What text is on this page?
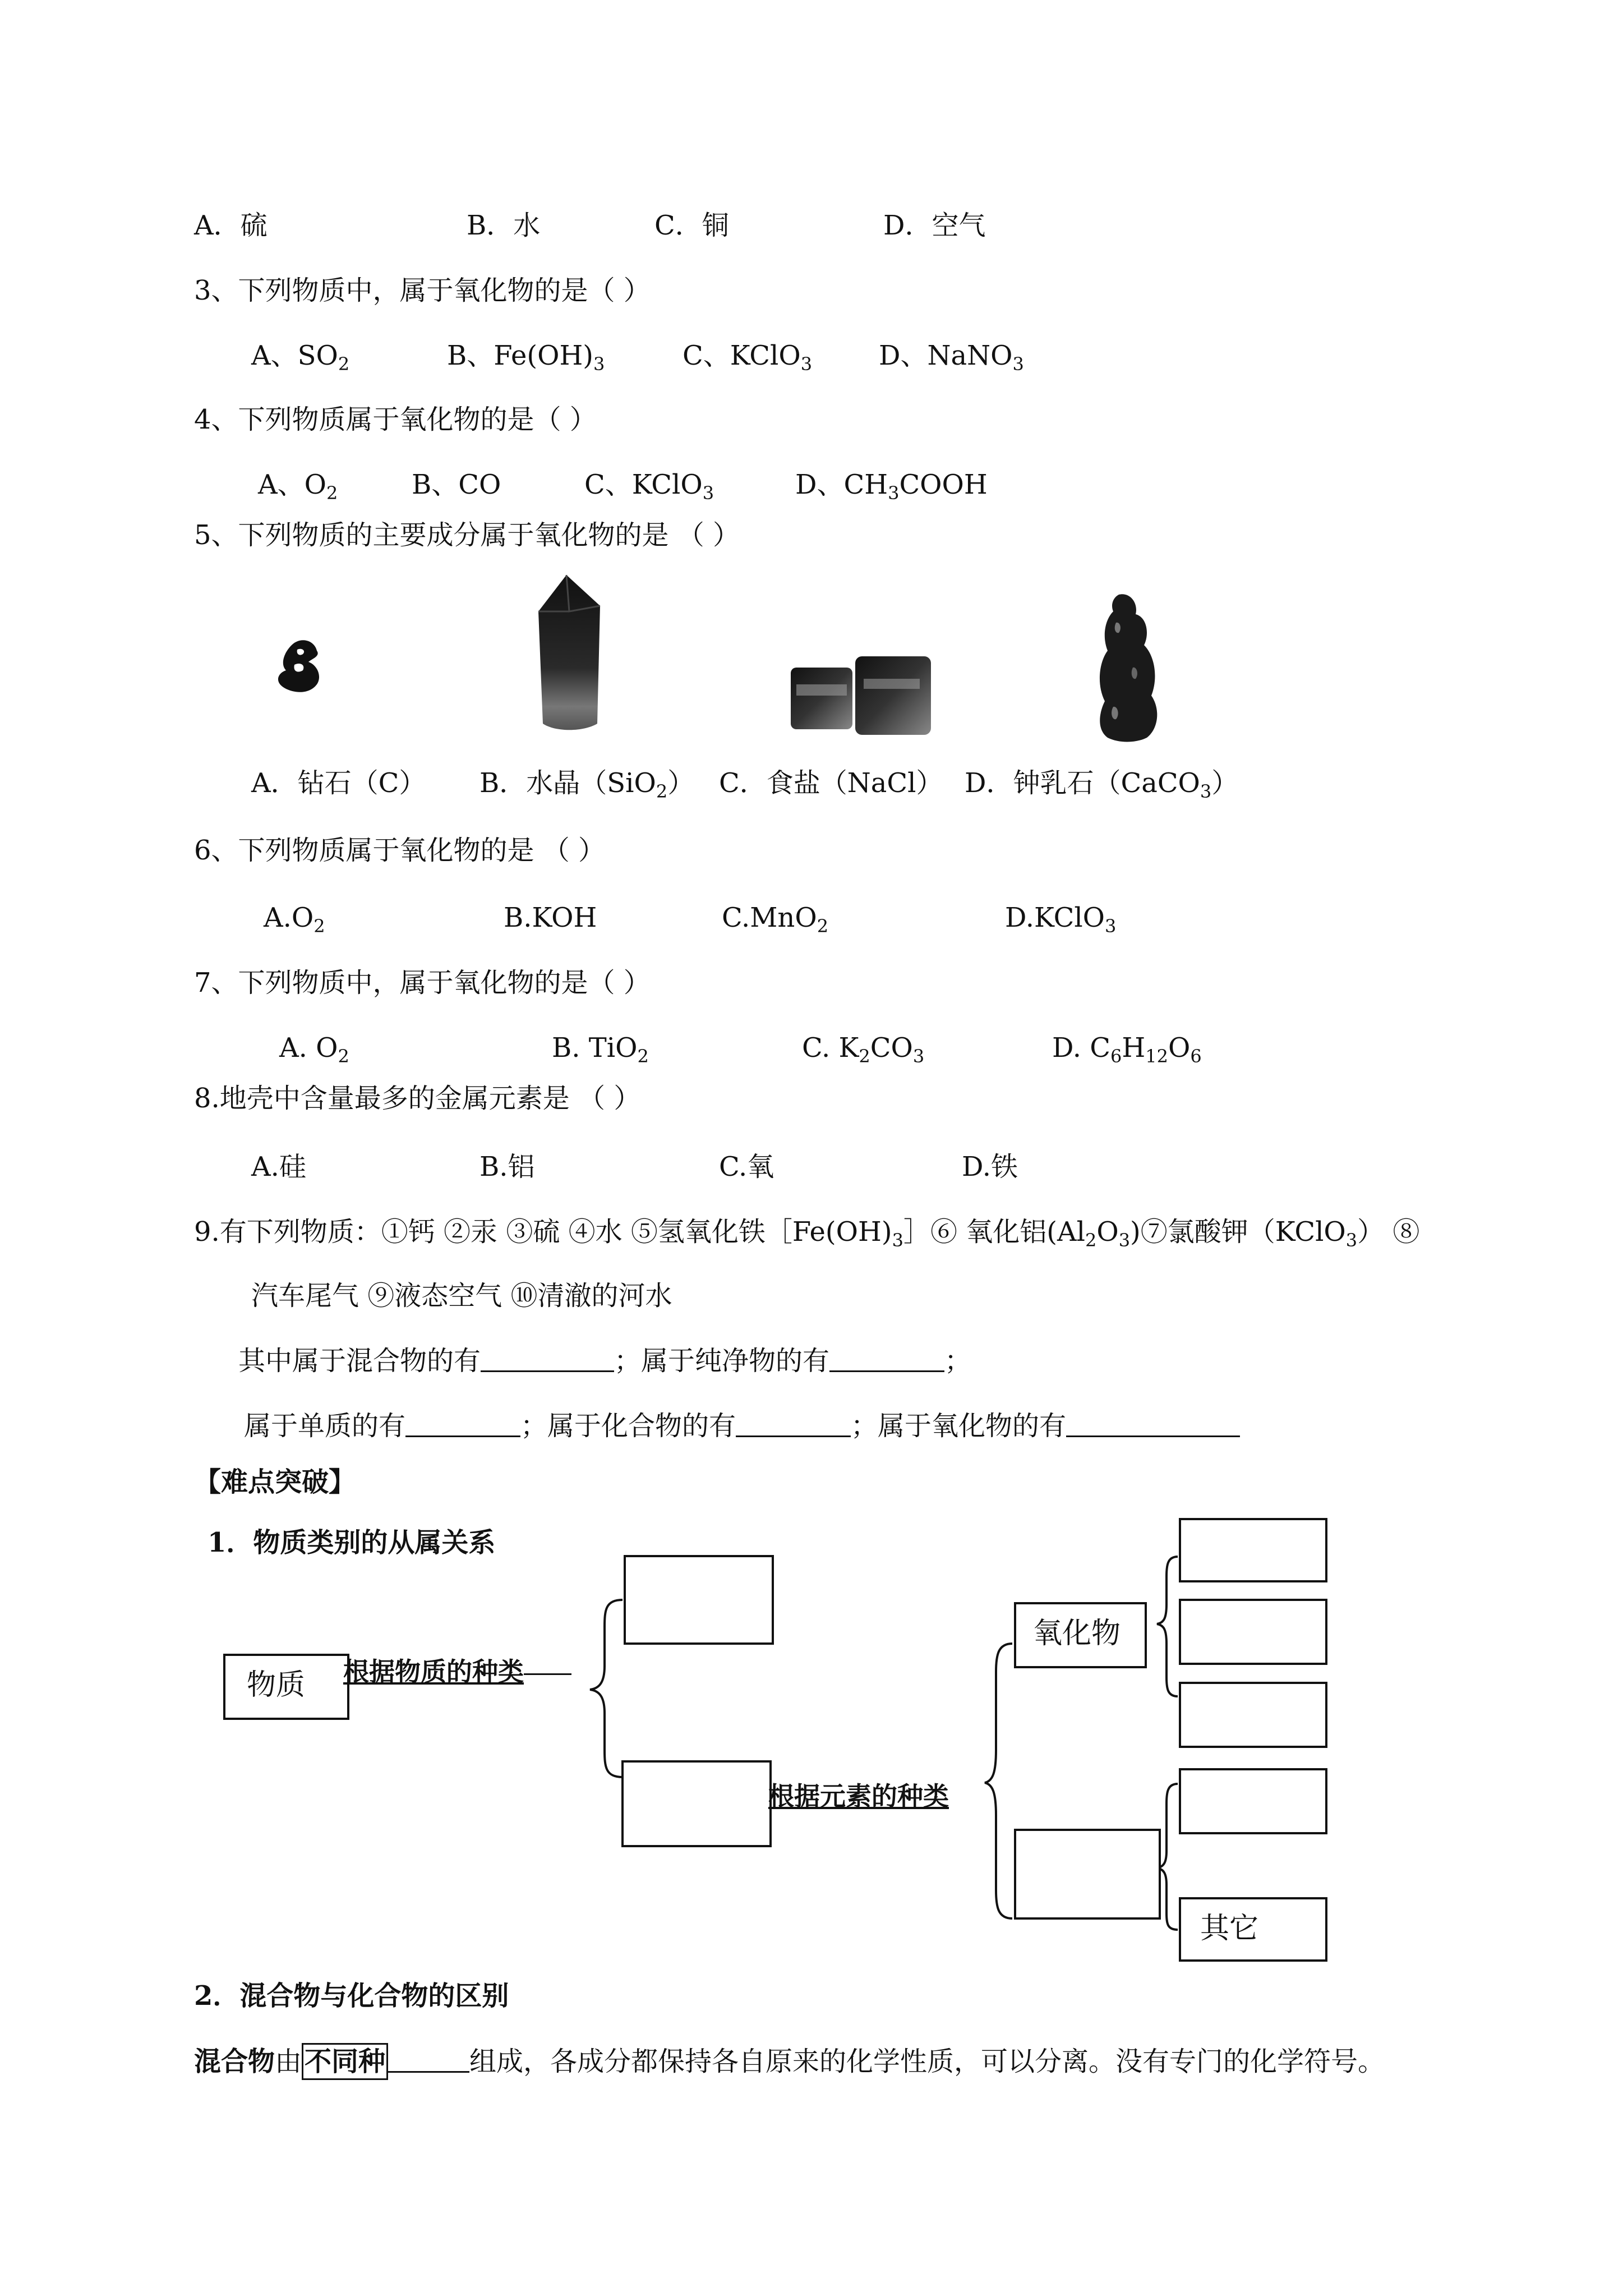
A．硫	B．水	C．铜	D．空气
3、下列物质中，属于氧化物的是（ ）
A、$SO_2$	B、$Fe(OH)_3$	C、KClO$_3$ D、NaNO$_3$
4、下列物质属于氧化物的是（ ）
A、$O_2$	B、CO	C、KClO$_3$	D、$CH_3COOH$
5、下列物质的主要成分属于氧化物的是 （ ）
A．钻石（C） B．水晶（SiO$_2$） C．食盐（NaCl） D．钟乳石（CaCO$_3$）
6、下列物质属于氧化物的是 （ ）
$A.O_2$	B.KOH	C.MnO$_2$	D.KClO$_3$
7、下列物质中，属于氧化物的是（ ）
A. $O_2$	B. TiO$_2$	C. $K_2CO_3$	D. $C_6H_{12}O_6$
8.地壳中含量最多的金属元素是 （ ）
A.硅	B.铝	C.氧	D.铁
9.有下列物质：①钙 ②汞 ③硫 ④水 ⑤氢氧化铁$[Fe(OH)_3]⑥$ 氧化铝$(Al_2O_3)⑦$氯酸钾（KClO$_3$） ⑧
汽车尾气 ⑨液态空气 ⑩清澈的河水
其中属于混合物的有	；属于纯净物的有	；
属于单质的有	；属于化合物的有	；属于氧化物的有
【难点突破】
1．物质类别的从属关系
物质 根据物质的种类
根据元素的种类
氧化物
其它
2．混合物与化合物的区别
混合物由 不同种	组成，各成分都保持各自原来的化学性质，可以分离。没有专门的化学符号。
